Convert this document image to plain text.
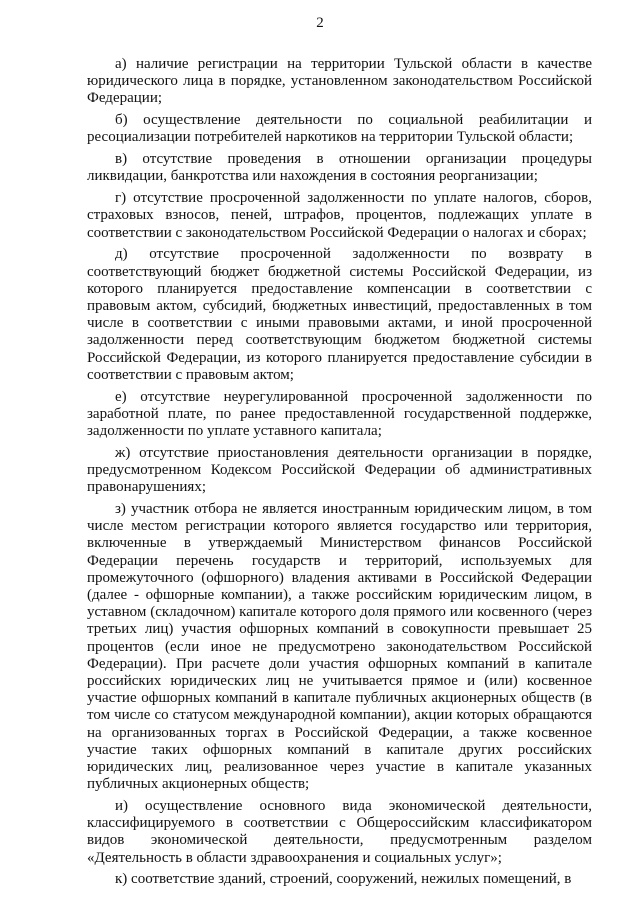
2

а) наличие регистрации на территории Тульской области в качестве юридического лица в порядке, установленном законодательством Российской Федерации;

б) осуществление деятельности по социальной реабилитации и ресоциализации потребителей наркотиков на территории Тульской области;

в) отсутствие проведения в отношении организации процедуры ликвидации, банкротства или нахождения в состояния реорганизации;

г) отсутствие просроченной задолженности по уплате налогов, сборов, страховых взносов, пеней, штрафов, процентов, подлежащих уплате в соответствии с законодательством Российской Федерации о налогах и сборах;

д) отсутствие просроченной задолженности по возврату в соответствующий бюджет бюджетной системы Российской Федерации, из которого планируется предоставление компенсации в соответствии с правовым актом, субсидий, бюджетных инвестиций, предоставленных в том числе в соответствии с иными правовыми актами, и иной просроченной задолженности перед соответствующим бюджетом бюджетной системы Российской Федерации, из которого планируется предоставление субсидии в соответствии с правовым актом;

е) отсутствие неурегулированной просроченной задолженности по заработной плате, по ранее предоставленной государственной поддержке, задолженности по уплате уставного капитала;

ж) отсутствие приостановления деятельности организации в порядке, предусмотренном Кодексом Российской Федерации об административных правонарушениях;

з) участник отбора не является иностранным юридическим лицом, в том числе местом регистрации которого является государство или территория, включенные в утверждаемый Министерством финансов Российской Федерации перечень государств и территорий, используемых для промежуточного (офшорного) владения активами в Российской Федерации (далее - офшорные компании), а также российским юридическим лицом, в уставном (складочном) капитале которого доля прямого или косвенного (через третьих лиц) участия офшорных компаний в совокупности превышает 25 процентов (если иное не предусмотрено законодательством Российской Федерации). При расчете доли участия офшорных компаний в капитале российских юридических лиц не учитывается прямое и (или) косвенное участие офшорных компаний в капитале публичных акционерных обществ (в том числе со статусом международной компании), акции которых обращаются на организованных торгах в Российской Федерации, а также косвенное участие таких офшорных компаний в капитале других российских юридических лиц, реализованное через участие в капитале указанных публичных акционерных обществ;

и) осуществление основного вида экономической деятельности, классифицируемого в соответствии с Общероссийским классификатором видов экономической деятельности, предусмотренным разделом «Деятельность в области здравоохранения и социальных услуг»;

к) соответствие зданий, строений, сооружений, нежилых помещений, в
